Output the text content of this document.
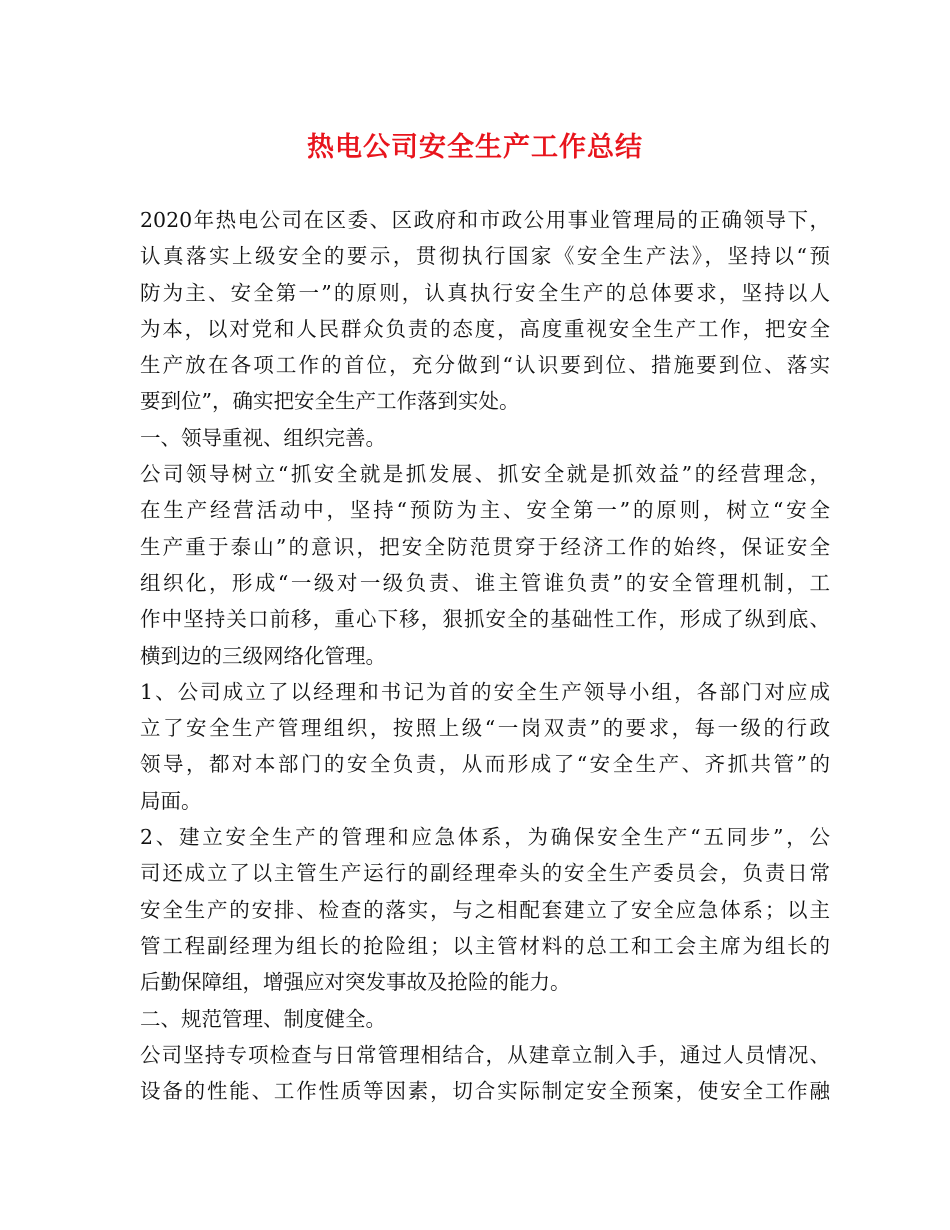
热电公司安全生产工作总结
2020年热电公司在区委、区政府和市政公用事业管理局的正确领导下，
认真落实上级安全的要示，贯彻执行国家《安全生产法》，坚持以“预
防为主、安全第一”的原则，认真执行安全生产的总体要求，坚持以人
为本，以对党和人民群众负责的态度，高度重视安全生产工作，把安全
生产放在各项工作的首位，充分做到“认识要到位、措施要到位、落实
要到位”，确实把安全生产工作落到实处。
一、领导重视、组织完善。
公司领导树立“抓安全就是抓发展、抓安全就是抓效益”的经营理念，
在生产经营活动中，坚持“预防为主、安全第一”的原则，树立“安全
生产重于泰山”的意识，把安全防范贯穿于经济工作的始终，保证安全
组织化，形成“一级对一级负责、谁主管谁负责”的安全管理机制，工
作中坚持关口前移，重心下移，狠抓安全的基础性工作，形成了纵到底、
横到边的三级网络化管理。
1、公司成立了以经理和书记为首的安全生产领导小组，各部门对应成
立了安全生产管理组织，按照上级“一岗双责”的要求，每一级的行政
领导，都对本部门的安全负责，从而形成了“安全生产、齐抓共管”的
局面。
2、建立安全生产的管理和应急体系，为确保安全生产“五同步”，公
司还成立了以主管生产运行的副经理牵头的安全生产委员会，负责日常
安全生产的安排、检查的落实，与之相配套建立了安全应急体系；以主
管工程副经理为组长的抢险组；以主管材料的总工和工会主席为组长的
后勤保障组，增强应对突发事故及抢险的能力。
二、规范管理、制度健全。
公司坚持专项检查与日常管理相结合，从建章立制入手，通过人员情况、
设备的性能、工作性质等因素，切合实际制定安全预案，使安全工作融
